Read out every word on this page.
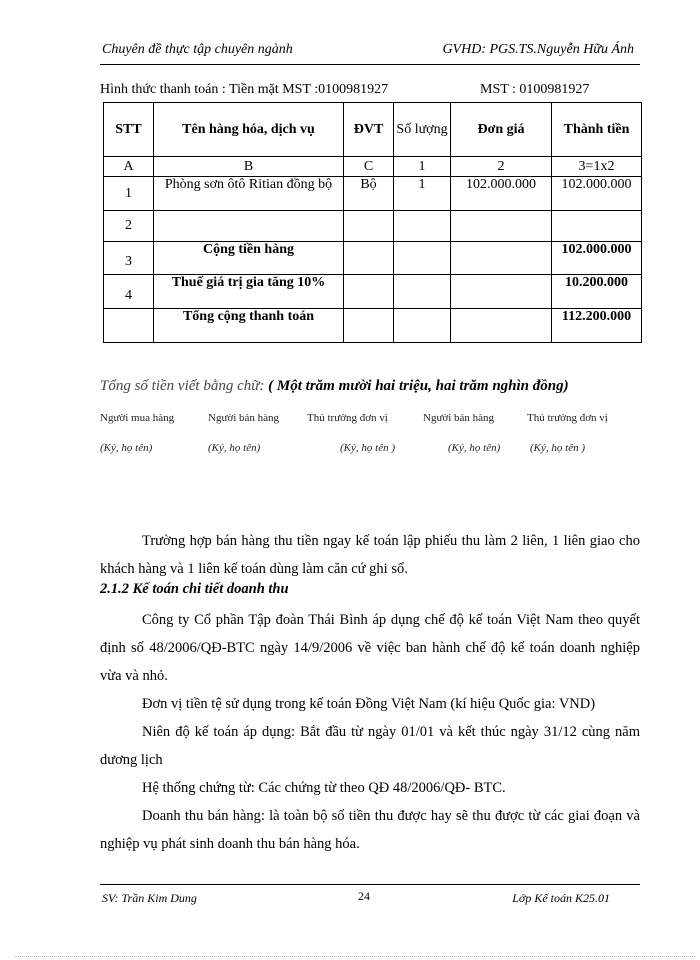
Chuyên đề thực tập chuyên ngành	GVHD: PGS.TS.Nguyễn Hữu Ánh
Hình thức thanh toán : Tiền mặt MST :0100981927	MST : 0100981927
STT	Tên hàng hóa, dịch vụ	ĐVT	Số lượng	Đơn giá	Thành tiền
A	B	C	1	2	3=1x2
1	Phòng sơn ôtô Ritian đồng bộ	Bộ	1	102.000.000	102.000.000
2					
3	Cộng tiền hàng				102.000.000
4	Thuế giá trị gia tăng 10%				10.200.000
	Tổng cộng thanh toán				112.200.000
Tổng số tiền viết bằng chữ: ( Một trăm mười hai triệu, hai trăm nghìn đồng)
Người mua hàng	Người bán hàng	Thủ trưởng đơn vị	Người bán hàng	Thủ trưởng đơn vị
(Ký, họ tên)	(Ký, họ tên)	(Ký, họ tên )	(Ký, họ tên)	(Ký, họ tên )

Trường hợp bán hàng thu tiền ngay kế toán lập phiếu thu làm 2 liên, 1 liên giao cho khách hàng và 1 liên kế toán dùng làm căn cứ ghi sổ.

2.1.2 Kế toán chi tiết doanh thu

Công ty Cổ phần Tập đoàn Thái Bình áp dụng chế độ kế toán Việt Nam theo quyết định số 48/2006/QĐ-BTC ngày 14/9/2006 về việc ban hành chế độ kế toán doanh nghiệp vừa và nhỏ.

Đơn vị tiền tệ sử dụng trong kế toán Đồng Việt Nam (kí hiệu Quốc gia: VND)

Niên độ kế toán áp dụng: Bắt đầu từ ngày 01/01 và kết thúc ngày 31/12 cùng năm dương lịch

Hệ thống chứng từ: Các chứng từ theo QĐ 48/2006/QĐ- BTC.

Doanh thu bán hàng: là toàn bộ số tiền thu được hay sẽ thu được từ các giai đoạn và nghiệp vụ phát sinh doanh thu bán hàng hóa.

SV: Trần Kim Dung	24	Lớp Kế toán K25.01
